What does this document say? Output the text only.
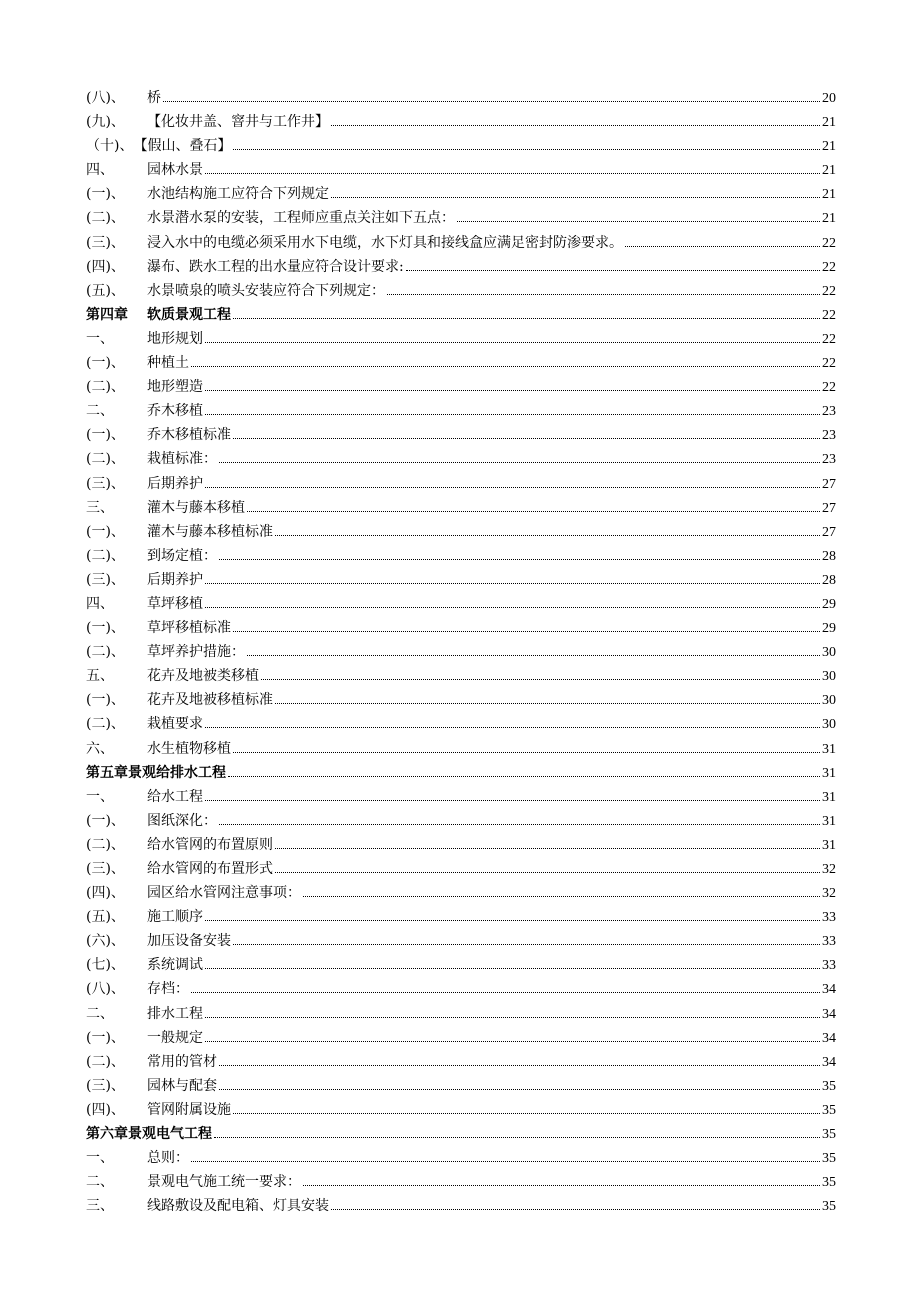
(八)、	桥	20
(九)、	【化妆井盖、窨井与工作井】	21
（十)、 【假山、叠石】	21
四、	园林水景	21
(一)、	水池结构施工应符合下列规定	21
(二)、	水景潜水泵的安装，工程师应重点关注如下五点：	21
(三)、	浸入水中的电缆必须采用水下电缆，水下灯具和接线盒应满足密封防渗要求。	22
(四)、	瀑布、跌水工程的出水量应符合设计要求:	22
(五)、	水景喷泉的喷头安装应符合下列规定：	22
第四章	软质景观工程	22
一、	地形规划	22
(一)、	种植土	22
(二)、	地形塑造	22
二、	乔木移植	23
(一)、	乔木移植标准	23
(二)、	栽植标准：	23
(三)、	后期养护	27
三、	灌木与藤本移植	27
(一)、	灌木与藤本移植标准	27
(二)、	到场定植：	28
(三)、	后期养护	28
四、	草坪移植	29
(一)、	草坪移植标准	29
(二)、	草坪养护措施：	30
五、	花卉及地被类移植	30
(一)、	花卉及地被移植标准	30
(二)、	栽植要求	30
六、	水生植物移植	31
第五章景观给排水工程	31
一、	给水工程	31
(一)、	图纸深化：	31
(二)、	给水管网的布置原则	31
(三)、	给水管网的布置形式	32
(四)、	园区给水管网注意事项：	32
(五)、	施工顺序	33
(六)、	加压设备安装	33
(七)、	系统调试	33
(八)、	存档：	34
二、	排水工程	34
(一)、	一般规定	34
(二)、	常用的管材	34
(三)、	园林与配套	35
(四)、	管网附属设施	35
第六章景观电气工程	35
一、	总则：	35
二、	景观电气施工统一要求：	35
三、	线路敷设及配电箱、灯具安装	35
